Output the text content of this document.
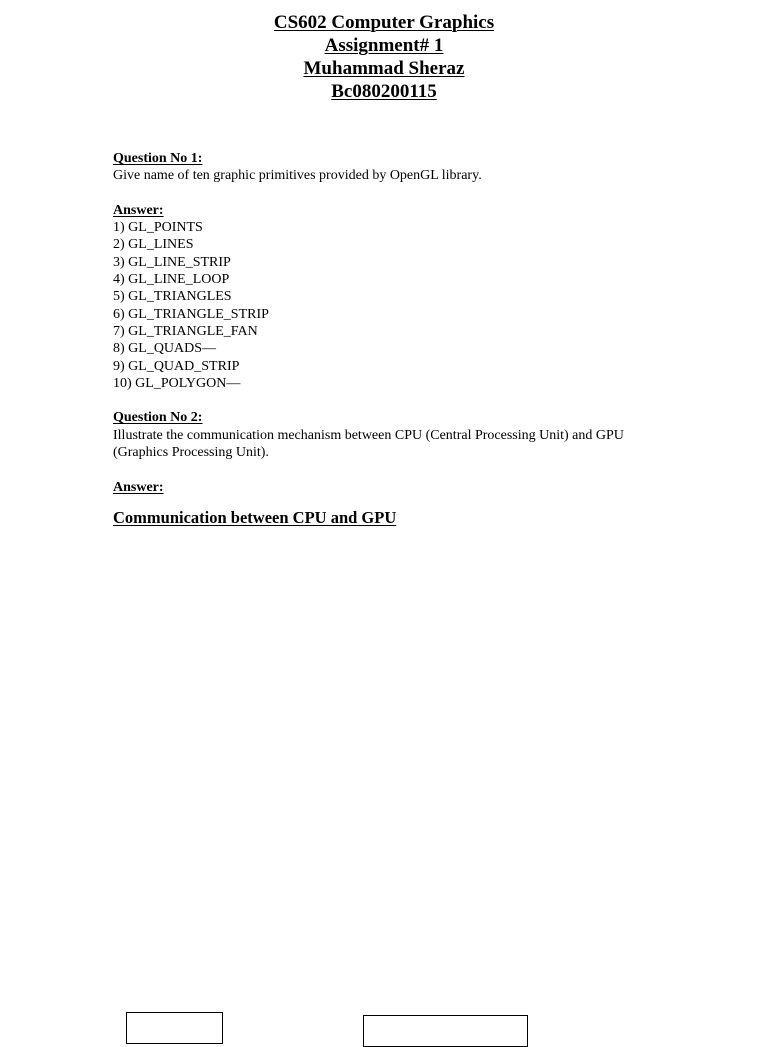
CS602 Computer Graphics
Assignment# 1
Muhammad Sheraz
Bc080200115
Question No 1:
Give name of ten graphic primitives provided by OpenGL library.
Answer:
1) GL_POINTS
2) GL_LINES
3) GL_LINE_STRIP
4) GL_LINE_LOOP
5) GL_TRIANGLES
6) GL_TRIANGLE_STRIP
7) GL_TRIANGLE_FAN
8) GL_QUADS—
9) GL_QUAD_STRIP
10) GL_POLYGON—
Question No 2:
Illustrate the communication mechanism between CPU (Central Processing Unit) and GPU (Graphics Processing Unit).
Answer:
Communication between CPU and GPU
